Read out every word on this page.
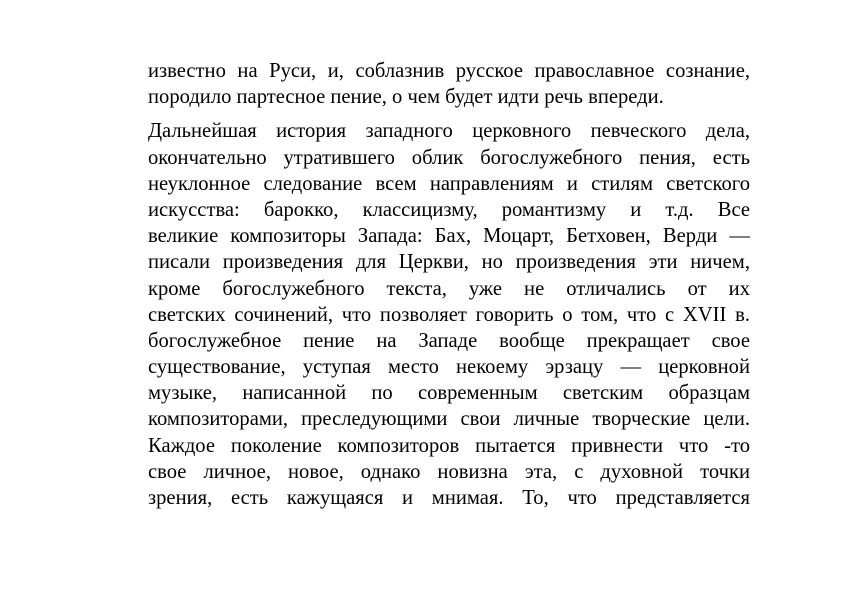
известно на Руси, и, соблазнив русское православное сознание,
породило партесное пение, о чем будет идти речь впереди.
Дальнейшая история западного церковного певческого дела,
окончательно утратившего облик богослужебного пения, есть
неуклонное следование всем направлениям и стилям светского
искусства: барокко, классицизму, романтизму и т.д. Все
великие композиторы Запада: Бах, Моцарт, Бетховен, Верди —
писали произведения для Церкви, но произведения эти ничем,
кроме богослужебного текста, уже не отличались от их
светских сочинений, что позволяет говорить о том, что с XVII в.
богослужебное пение на Западе вообще прекращает свое
существование, уступая место некоему эрзацу — церковной
музыке, написанной по современным светским образцам
композиторами, преследующими свои личные творческие цели.
Каждое поколение композиторов пытается привнести что -то
свое личное, новое, однако новизна эта, с духовной точки
зрения, есть кажущаяся и мнимая. То, что представляется
